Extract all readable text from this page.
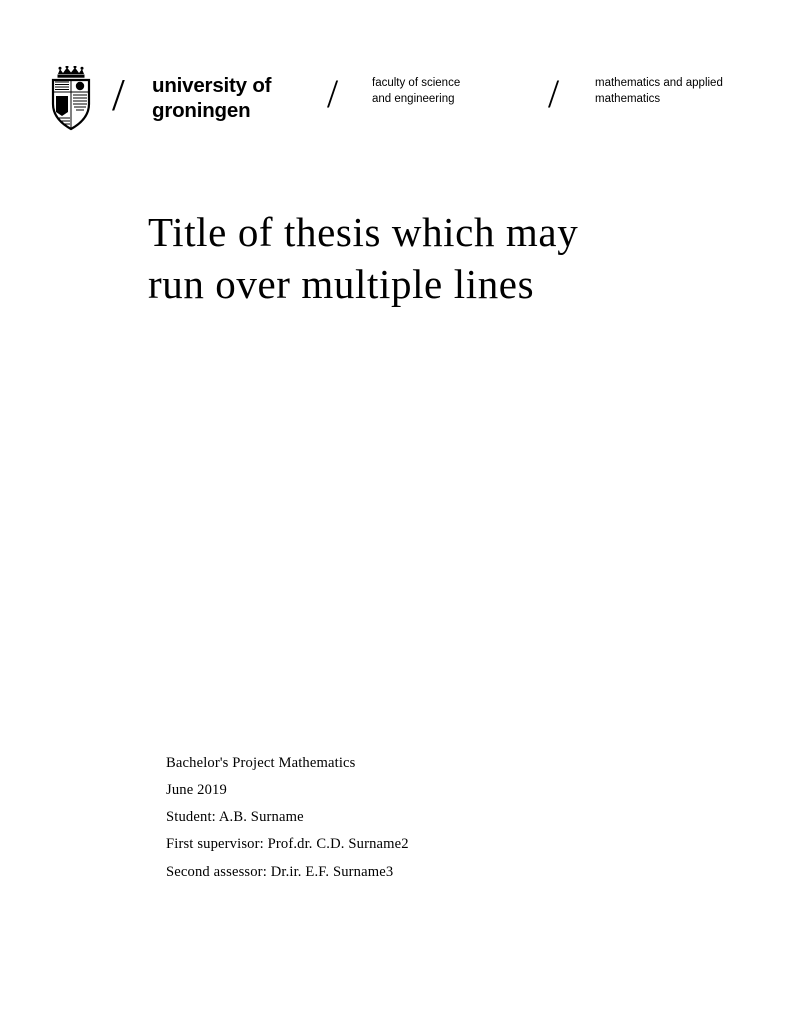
/ university of
groningen	/	faculty of science
and engineering	/	mathematics and applied
mathematics
Title of thesis which may
run over multiple lines
Bachelor's Project Mathematics
June 2019
Student: A.B. Surname
First supervisor: Prof.dr. C.D. Surname2
Second assessor: Dr.ir. E.F. Surname3
